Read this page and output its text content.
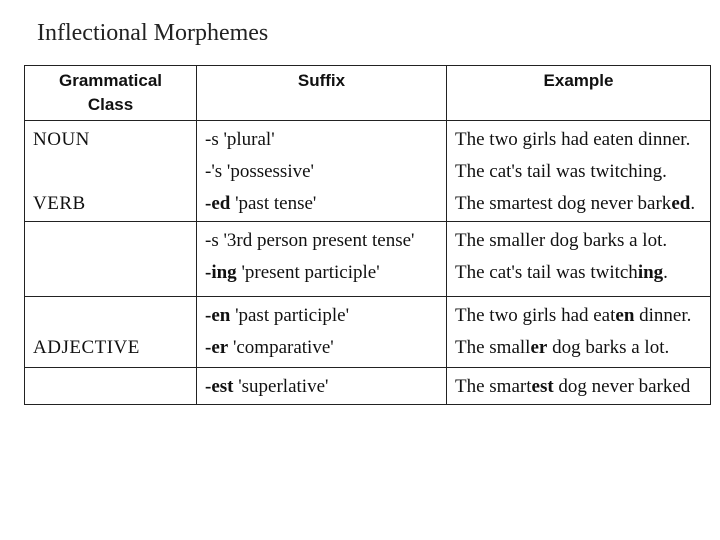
Inflectional Morphemes
Grammatical
Class	Suffix	Example
NOUN	-s 'plural'	The two girls had eaten dinner.
	-'s 'possessive'	The cat's tail was twitching.
VERB	-ed 'past tense'	The smartest dog never barked.
	-s '3rd person present tense'	The smaller dog barks a lot.
	-ing 'present participle'	The cat's tail was twitching.
	-en 'past participle'	The two girls had eaten dinner.
ADJECTIVE	-er 'comparative'	The smaller dog barks a lot.
	-est 'superlative'	The smartest dog never barked
